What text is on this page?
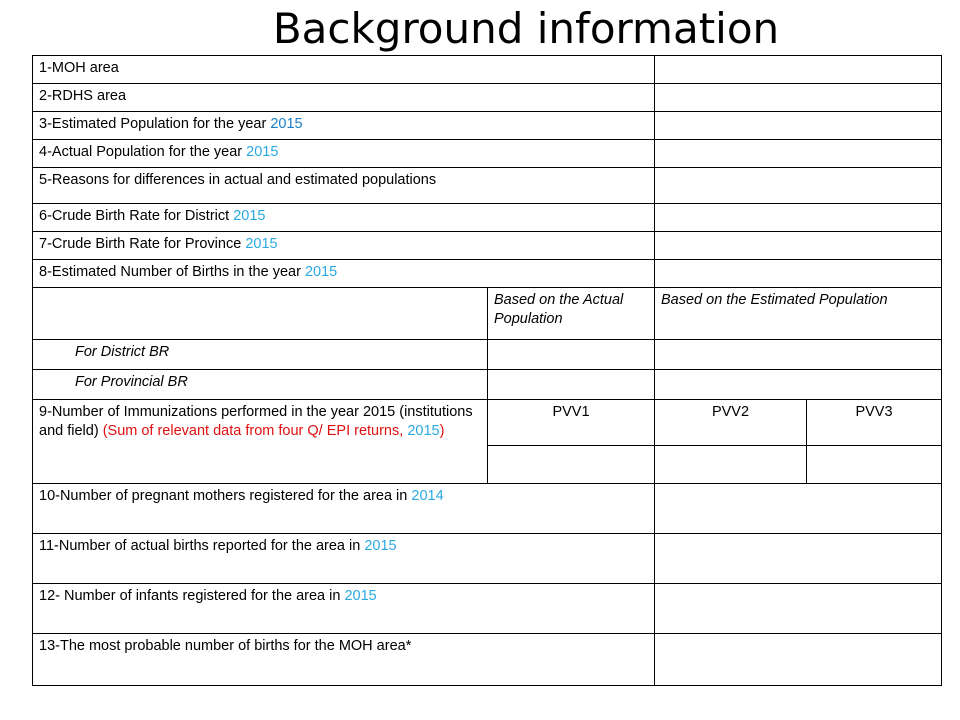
Background information
1-MOH area			
2-RDHS area			
3-Estimated Population for the year 2015			
4-Actual Population for the year 2015			
5-Reasons for differences in actual and estimated populations			
6-Crude Birth Rate for District 2015			
7-Crude Birth Rate for Province 2015			
8-Estimated Number of Births in the year 2015			
	Based on the Actual Population	Based on the Estimated Population	
For District BR			
For Provincial BR			
9-Number of Immunizations performed in the year 2015 (institutions and field) (Sum of relevant data from four Q/ EPI returns, 2015)	PVV1	PVV2	PVV3

10-Number of pregnant mothers registered for the area in 2014			
11-Number of actual births reported for the area in 2015			
12- Number of infants registered for the area in 2015			
13-The most probable number of births for the MOH area*			
